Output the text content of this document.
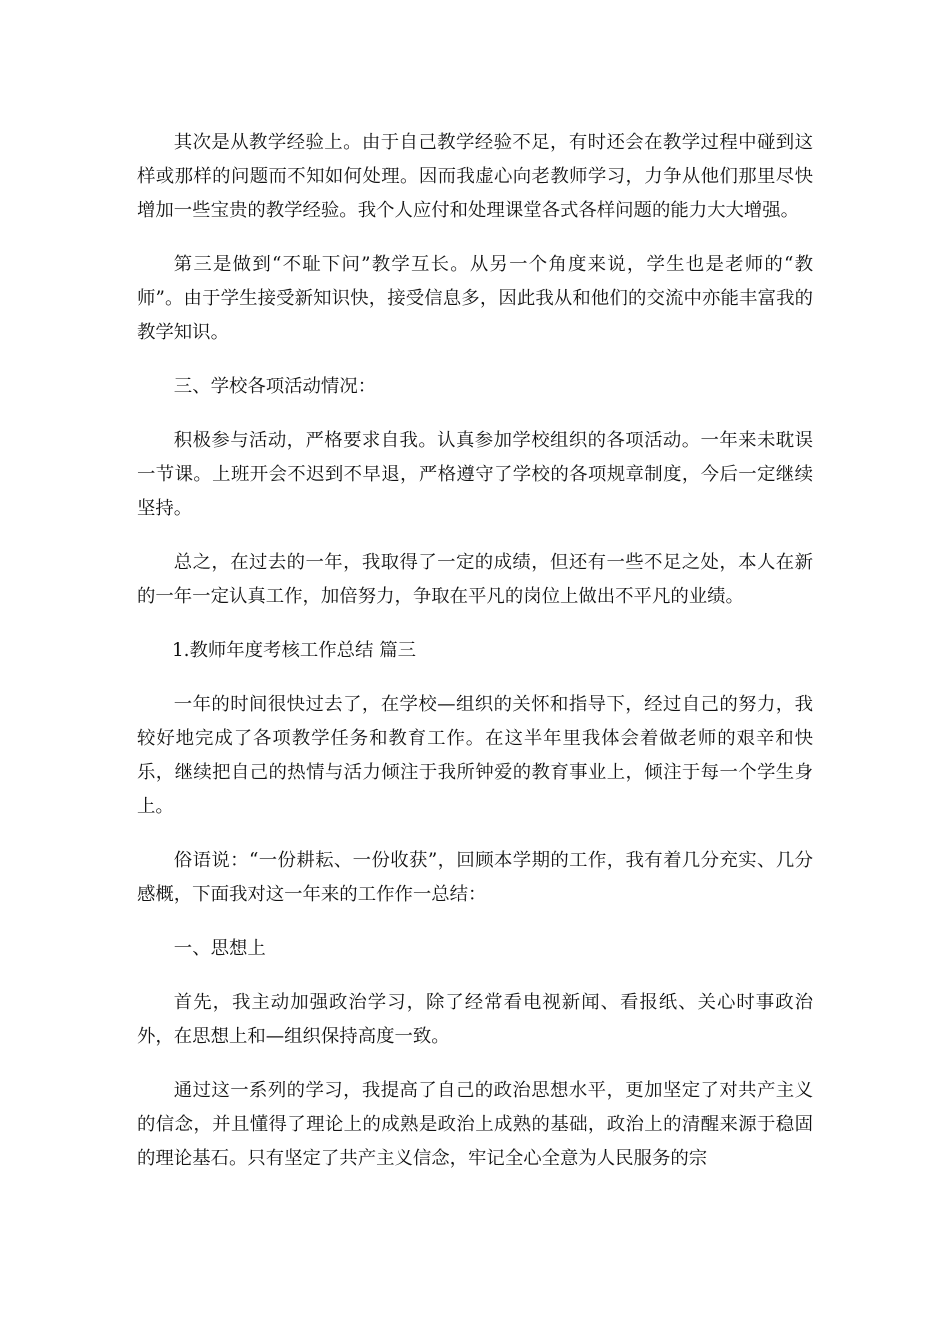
其次是从教学经验上。由于自己教学经验不足，有时还会在教学过程中碰到这样或那样的问题而不知如何处理。因而我虚心向老教师学习，力争从他们那里尽快增加一些宝贵的教学经验。我个人应付和处理课堂各式各样问题的能力大大增强。

第三是做到“不耻下问”教学互长。从另一个角度来说，学生也是老师的“教师”。由于学生接受新知识快，接受信息多，因此我从和他们的交流中亦能丰富我的教学知识。

三、学校各项活动情况：

积极参与活动，严格要求自我。认真参加学校组织的各项活动。一年来未耽误一节课。上班开会不迟到不早退，严格遵守了学校的各项规章制度，今后一定继续坚持。

总之，在过去的一年，我取得了一定的成绩，但还有一些不足之处，本人在新的一年一定认真工作，加倍努力，争取在平凡的岗位上做出不平凡的业绩。

1.教师年度考核工作总结 篇三

一年的时间很快过去了，在学校—组织的关怀和指导下，经过自己的努力，我较好地完成了各项教学任务和教育工作。在这半年里我体会着做老师的艰辛和快乐，继续把自己的热情与活力倾注于我所钟爱的教育事业上，倾注于每一个学生身上。

俗语说：“一份耕耘、一份收获”，回顾本学期的工作，我有着几分充实、几分感概，下面我对这一年来的工作作一总结：

一、思想上

首先，我主动加强政治学习，除了经常看电视新闻、看报纸、关心时事政治外，在思想上和—组织保持高度一致。

通过这一系列的学习，我提高了自己的政治思想水平，更加坚定了对共产主义的信念，并且懂得了理论上的成熟是政治上成熟的基础，政治上的清醒来源于稳固的理论基石。只有坚定了共产主义信念，牢记全心全意为人民服务的宗
